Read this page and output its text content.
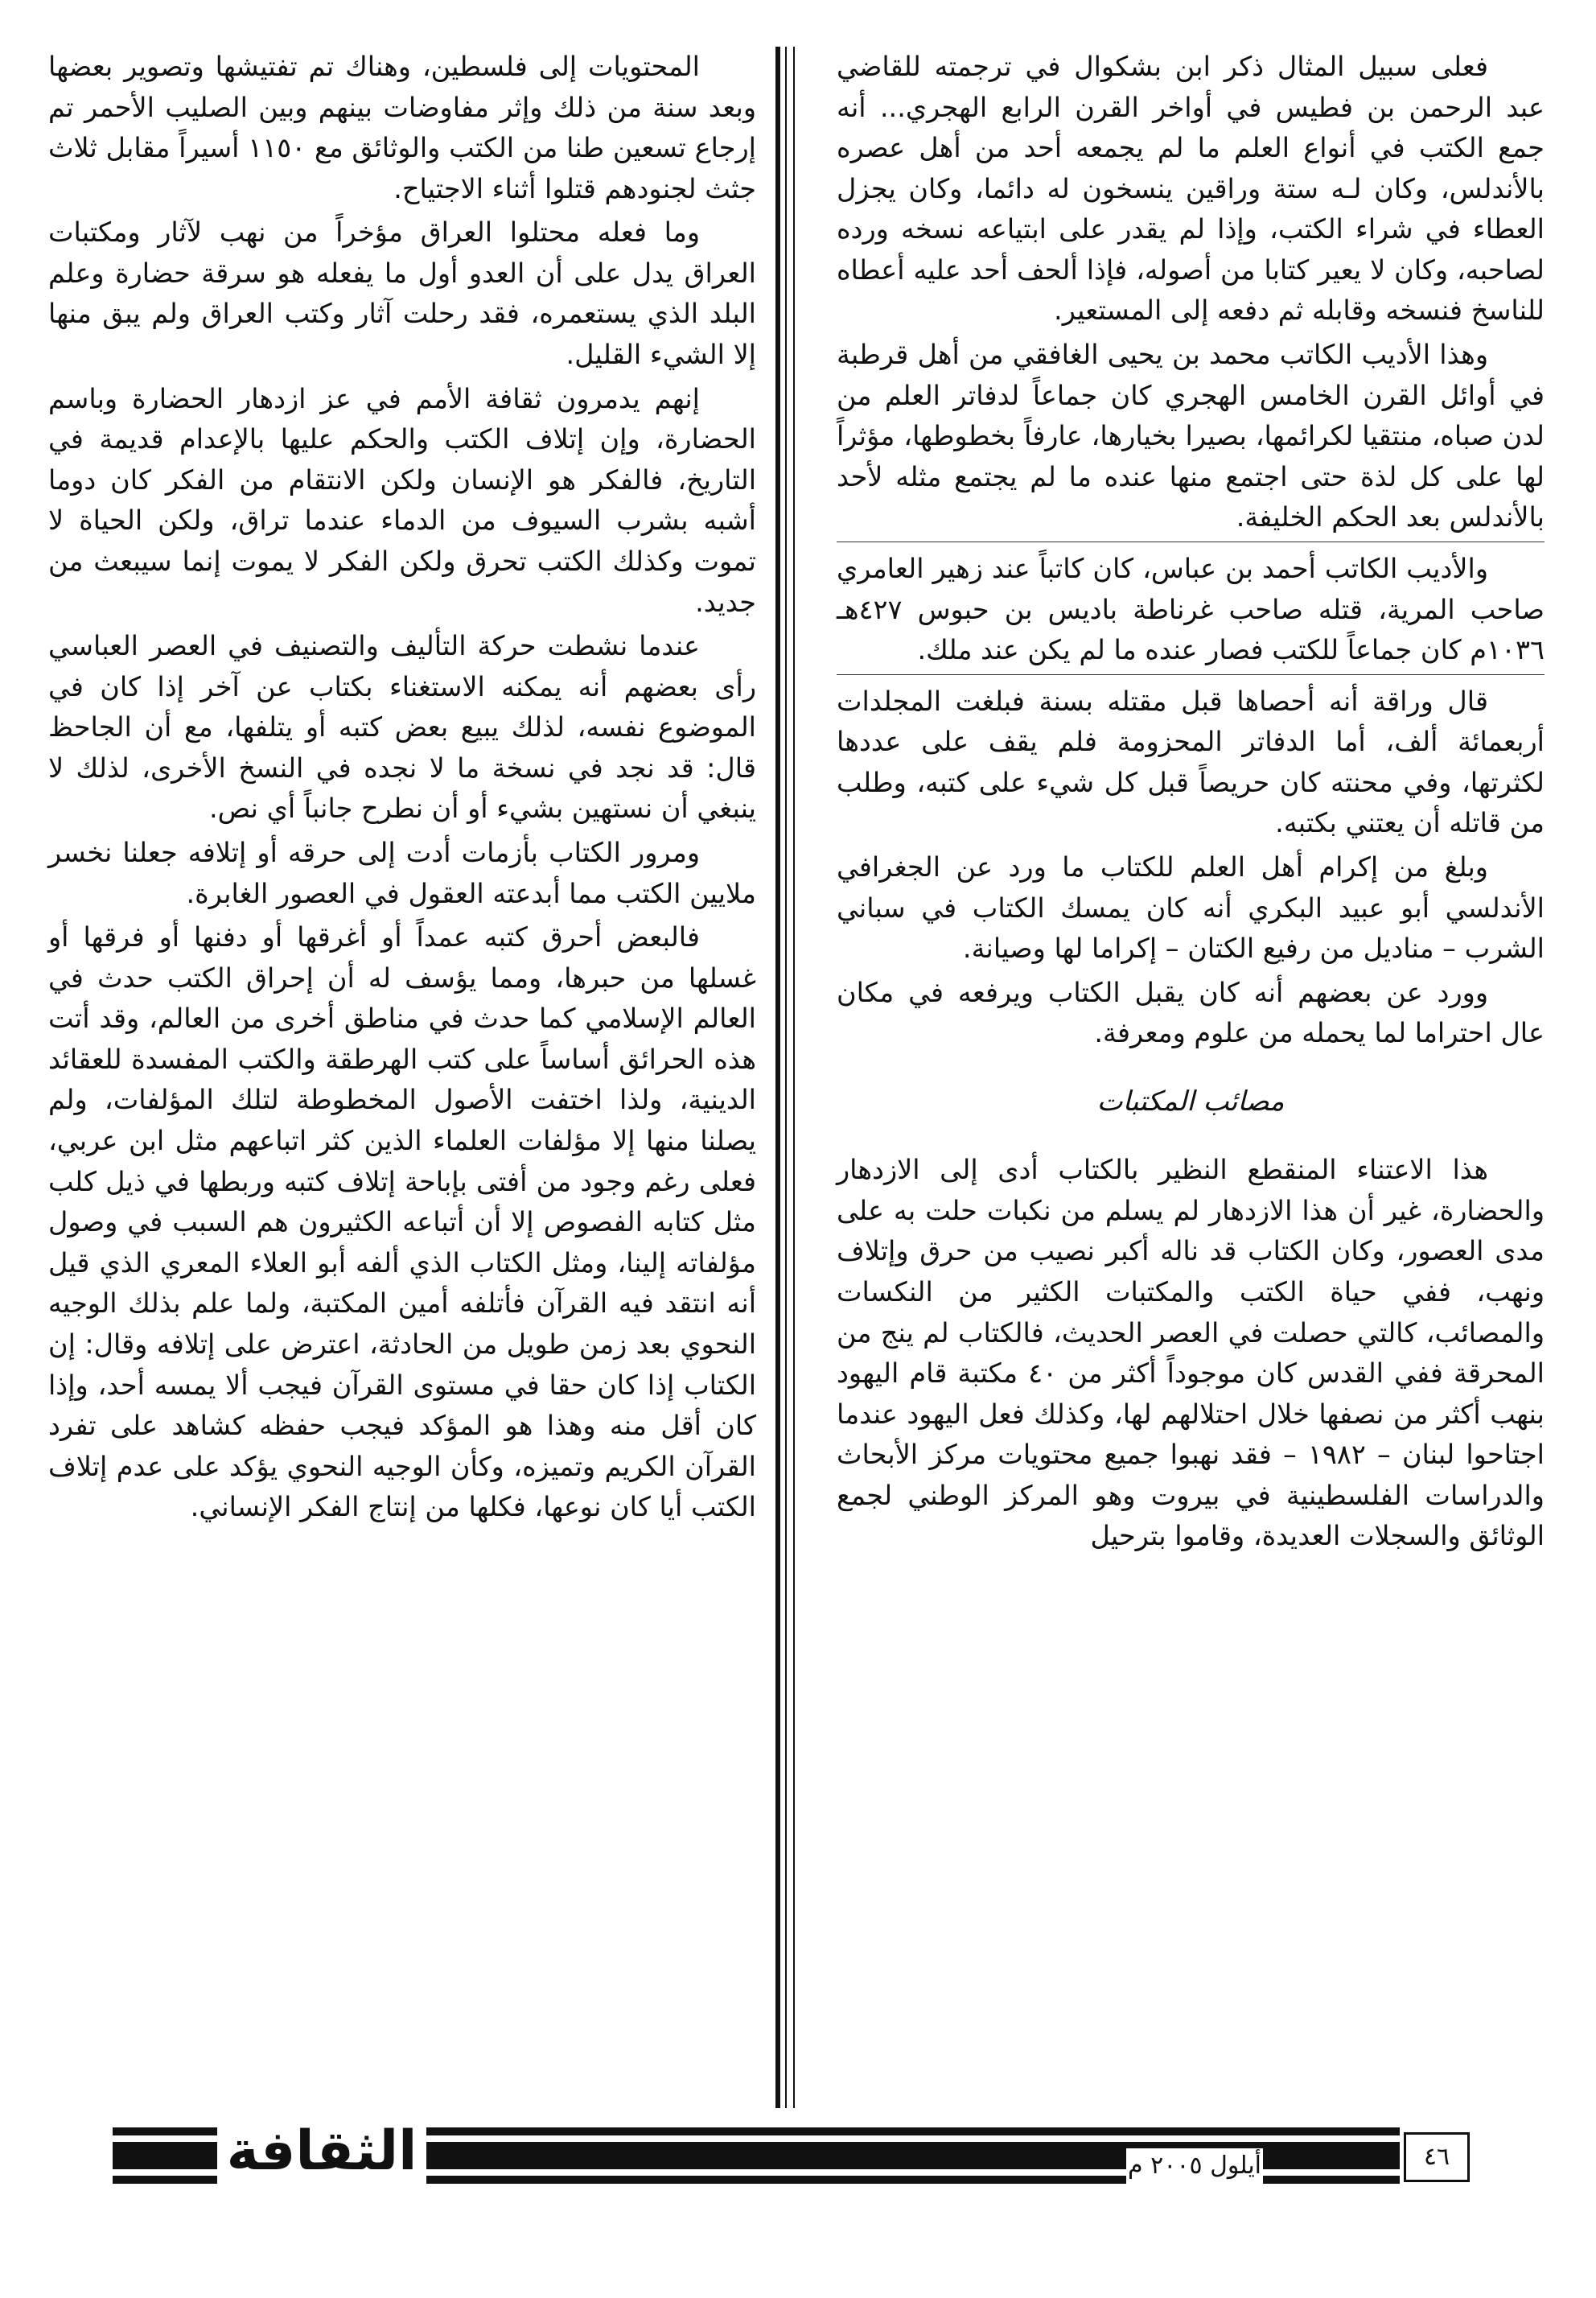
فعلى سبيل المثال ذكر ابن بشكوال في ترجمته للقاضي عبد الرحمن بن فطيس في أواخر القرن الرابع الهجري... أنه جمع الكتب في أنواع العلم ما لم يجمعه أحد من أهل عصره بالأندلس، وكان لـه ستة وراقين ينسخون له دائما، وكان يجزل العطاء في شراء الكتب، وإذا لم يقدر على ابتياعه نسخه ورده لصاحبه، وكان لا يعير كتابا من أصوله، فإذا ألحف أحد عليه أعطاه للناسخ فنسخه وقابله ثم دفعه إلى المستعير.

وهذا الأديب الكاتب محمد بن يحيى الغافقي من أهل قرطبة في أوائل القرن الخامس الهجري كان جماعاً لدفاتر العلم من لدن صباه، منتقيا لكرائمها، بصيرا بخيارها، عارفاً بخطوطها، مؤثراً لها على كل لذة حتى اجتمع منها عنده ما لم يجتمع مثله لأحد بالأندلس بعد الحكم الخليفة.

والأديب الكاتب أحمد بن عباس، كان كاتباً عند زهير العامري صاحب المرية، قتله صاحب غرناطة باديس بن حبوس ٤٢٧هـ ١٠٣٦م كان جماعاً للكتب فصار عنده ما لم يكن عند ملك.

قال وراقة أنه أحصاها قبل مقتله بسنة فبلغت المجلدات أربعمائة ألف، أما الدفاتر المحزومة فلم يقف على عددها لكثرتها، وفي محنته كان حريصاً قبل كل شيء على كتبه، وطلب من قاتله أن يعتني بكتبه.

وبلغ من إكرام أهل العلم للكتاب ما ورد عن الجغرافي الأندلسي أبو عبيد البكري أنه كان يمسك الكتاب في سباني الشرب – مناديل من رفيع الكتان – إكراما لها وصيانة.

وورد عن بعضهم أنه كان يقبل الكتاب ويرفعه في مكان عال احتراما لما يحمله من علوم ومعرفة.

مصائب المكتبات

هذا الاعتناء المنقطع النظير بالكتاب أدى إلى الازدهار والحضارة، غير أن هذا الازدهار لم يسلم من نكبات حلت به على مدى العصور، وكان الكتاب قد ناله أكبر نصيب من حرق وإتلاف ونهب، ففي حياة الكتب والمكتبات الكثير من النكسات والمصائب، كالتي حصلت في العصر الحديث، فالكتاب لم ينج من المحرقة ففي القدس كان موجوداً أكثر من ٤٠ مكتبة قام اليهود بنهب أكثر من نصفها خلال احتلالهم لها، وكذلك فعل اليهود عندما اجتاحوا لبنان – ١٩٨٢ – فقد نهبوا جميع محتويات مركز الأبحاث والدراسات الفلسطينية في بيروت وهو المركز الوطني لجمع الوثائق والسجلات العديدة، وقاموا بترحيل

المحتويات إلى فلسطين، وهناك تم تفتيشها وتصوير بعضها وبعد سنة من ذلك وإثر مفاوضات بينهم وبين الصليب الأحمر تم إرجاع تسعين طنا من الكتب والوثائق مع ١١٥٠ أسيراً مقابل ثلاث جثث لجنودهم قتلوا أثناء الاجتياح.

وما فعله محتلوا العراق مؤخراً من نهب لآثار ومكتبات العراق يدل على أن العدو أول ما يفعله هو سرقة حضارة وعلم البلد الذي يستعمره، فقد رحلت آثار وكتب العراق ولم يبق منها إلا الشيء القليل.

إنهم يدمرون ثقافة الأمم في عز ازدهار الحضارة وباسم الحضارة، وإن إتلاف الكتب والحكم عليها بالإعدام قديمة في التاريخ، فالفكر هو الإنسان ولكن الانتقام من الفكر كان دوما أشبه بشرب السيوف من الدماء عندما تراق، ولكن الحياة لا تموت وكذلك الكتب تحرق ولكن الفكر لا يموت إنما سيبعث من جديد.

عندما نشطت حركة التأليف والتصنيف في العصر العباسي رأى بعضهم أنه يمكنه الاستغناء بكتاب عن آخر إذا كان في الموضوع نفسه، لذلك يبيع بعض كتبه أو يتلفها، مع أن الجاحظ قال: قد نجد في نسخة ما لا نجده في النسخ الأخرى، لذلك لا ينبغي أن نستهين بشيء أو أن نطرح جانباً أي نص.

ومرور الكتاب بأزمات أدت إلى حرقه أو إتلافه جعلنا نخسر ملايين الكتب مما أبدعته العقول في العصور الغابرة.

فالبعض أحرق كتبه عمداً أو أغرقها أو دفنها أو فرقها أو غسلها من حبرها، ومما يؤسف له أن إحراق الكتب حدث في العالم الإسلامي كما حدث في مناطق أخرى من العالم، وقد أتت هذه الحرائق أساساً على كتب الهرطقة والكتب المفسدة للعقائد الدينية، ولذا اختفت الأصول المخطوطة لتلك المؤلفات، ولم يصلنا منها إلا مؤلفات العلماء الذين كثر اتباعهم مثل ابن عربي، فعلى رغم وجود من أفتى بإباحة إتلاف كتبه وربطها في ذيل كلب مثل كتابه الفصوص إلا أن أتباعه الكثيرون هم السبب في وصول مؤلفاته إلينا، ومثل الكتاب الذي ألفه أبو العلاء المعري الذي قيل أنه انتقد فيه القرآن فأتلفه أمين المكتبة، ولما علم بذلك الوجيه النحوي بعد زمن طويل من الحادثة، اعترض على إتلافه وقال: إن الكتاب إذا كان حقا في مستوى القرآن فيجب ألا يمسه أحد، وإذا كان أقل منه وهذا هو المؤكد فيجب حفظه كشاهد على تفرد القرآن الكريم وتميزه، وكأن الوجيه النحوي يؤكد على عدم إتلاف الكتب أيا كان نوعها، فكلها من إنتاج الفكر الإنساني.

الثقافة	أيلول ٢٠٠٥ م	٤٦
